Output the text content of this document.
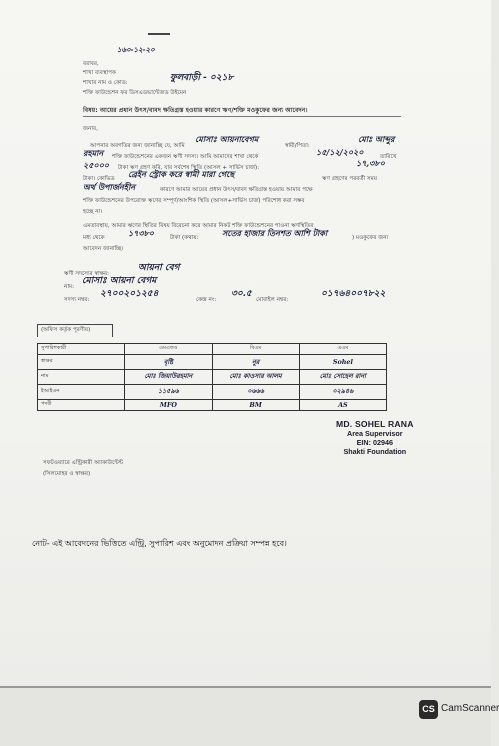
১৬০-১২-২০
বরাবর,
শাখা ব্যবস্থাপক
শাখার নাম ও কোড:	ফুলবাড়ী - ০২১৮
শক্তি ফাউন্ডেশন ফর ডিসএডভান্টেজড উইমেন
বিষয়: আয়ের প্রধান উৎস/বাবদ ক্ষতিগ্রস্ত হওয়ার কারণে ঋণ/শক্তি মওকুফের জন্য আবেদন।
জনাব,
আপনার অবগতির জন্য জানাচ্ছি যে, আমি
মোসাঃ আয়নাবেগম
স্বামী/পিতা:
মোঃ আব্দুর
রহমান শক্তি ফাউন্ডেশনের একজন ঋণী সদস্য। আমি আমাদের শাখা থেকে	১৫/১২/২০২০	তারিখে
২৫০০০ টাকা ঋণ গ্রহণ করি, যার সর্বশেষ স্থিতি (আসল + সার্ভিস চার্জ):	১৭,৩৮০
টাকা। কোভিড ব্রেইন স্ট্রোক করে স্বামী মারা গেছে	ঋণ গ্রহণের পরবর্তী সময়
অর্থ উপার্জনহীন	কারণে আমার আয়ের প্রধান উৎস/বাবদ ক্ষতিগ্রস্ত হওয়ায় আমার পক্ষে
শক্তি ফাউন্ডেশনের উপরোক্ত ঋণের সম্পূর্ণ/আংশিক স্থিতি (আসল+সার্ভিস চার্জ) পরিশোধ করা সম্ভব
হচ্ছে না।
এমতাবস্থায়, আমার ঋণের স্থিতির বিষয় বিবেচনা করে আমার নিকট শক্তি ফাউন্ডেশনের পাওনা ঋণস্থিতির
মধ্য থেকে	১৭৩৮০	টাকা (কথায়:	সতের হাজার তিনশত আশি টাকা	) মওকুফের জন্য
আবেদন জানাচ্ছি।
ঋণী সদস্যের স্বাক্ষর:
আয়না বেগ
নাম:
মোসাঃ আয়না বেগম
সদস্য নম্বর:
২৭০০২০১২৫৪
কেন্দ্র নং:
৩০.৫
মোবাইল নম্বর:
০১৭৬৪০০৭৮২২
(অফিস কর্তৃক পূরণীয়)
সুপারিশকারী	এমএফও	বিএম	এএম
স্বাক্ষর	বৃষ্টি	নুর	Sohel
নাম	মোঃ জিয়াউরহমান	মোঃ কাওসার আলম	মোঃ সোহেল রানা
ইআইএন	১১৫৯৬	০৬৬৬	০২৯৪৬
পদবী	MFO	BM	AS
MD. SOHEL RANA
Area Supervisor
EIN: 02946
Shakti Foundation
সফটওয়্যারে এন্ট্রিকারী অ্যাকাউন্টেন্ট
(সিলমোহর ও স্বাক্ষর)
নোট- এই আবেদনের ভিত্তিতে এন্ট্রি, সুপারিশ এবং অনুমোদন প্রক্রিয়া সম্পন্ন হবে।
CS CamScanner
